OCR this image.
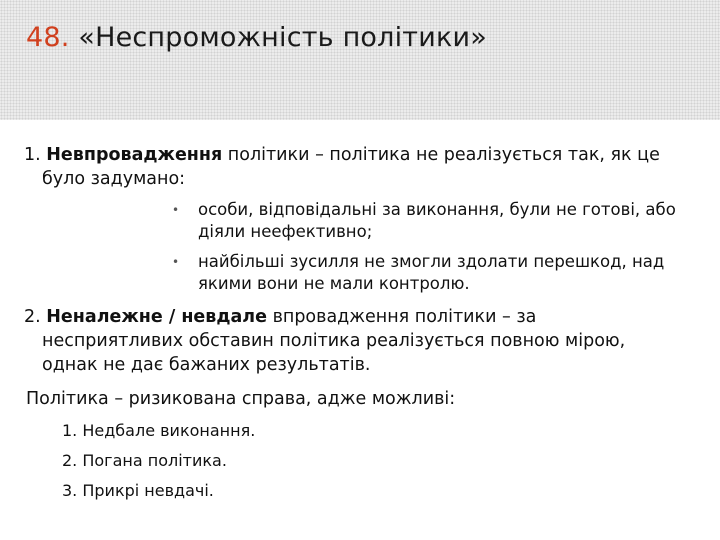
48. «Неспроможність політики»
1. Невпровадження політики – політика не реалізується так, як це
було задумано:
•	особи, відповідальні за виконання, були не готові, або
діяли неефективно;
•	найбільші зусилля не змогли здолати перешкод, над
якими вони не мали контролю.
2. Неналежне / невдале впровадження політики – за
несприятливих обставин політика реалізується повною мірою,
однак не дає бажаних результатів.
Політика – ризикована справа, адже можливі:
1. Недбале виконання.
2. Погана політика.
3. Прикрі невдачі.
